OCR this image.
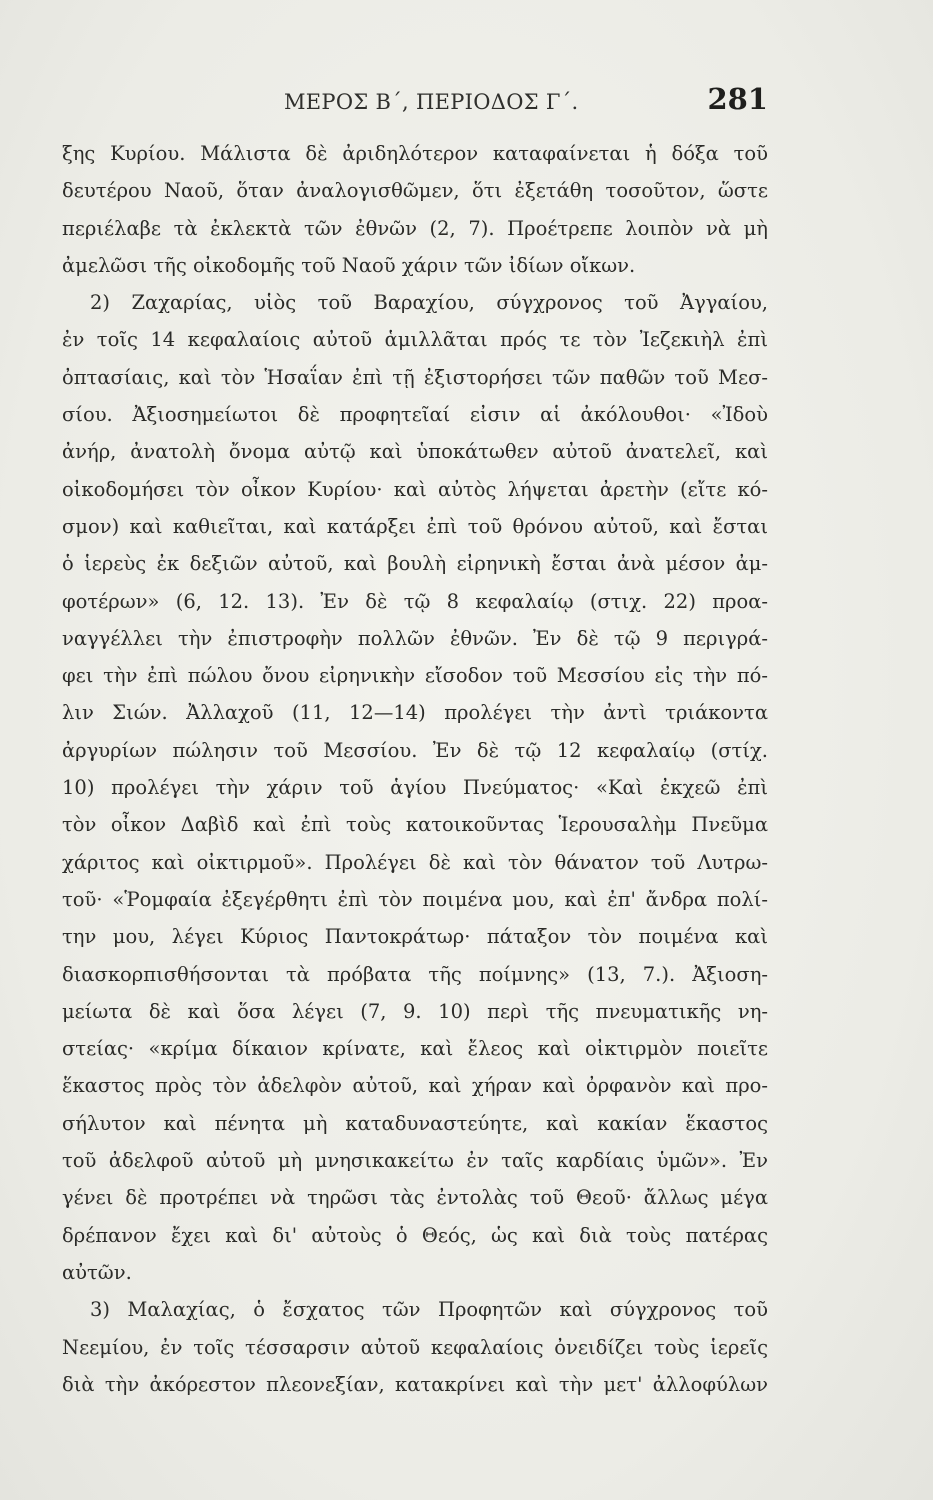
ΜΕΡΟΣ Β΄, ΠΕΡΙΟΔΟΣ Γ΄.	281
ξης Κυρίου. Μάλιστα δὲ ἀριδηλότερον καταφαίνεται ἡ δόξα τοῦ
δευτέρου Ναοῦ, ὅταν ἀναλογισθῶμεν, ὅτι ἐξετάθη τοσοῦτον, ὥστε
περιέλαβε τὰ ἐκλεκτὰ τῶν ἐθνῶν (2, 7). Προέτρεπε λοιπὸν νὰ μὴ
ἀμελῶσι τῆς οἰκοδομῆς τοῦ Ναοῦ χάριν τῶν ἰδίων οἴκων.
2) Ζαχαρίας, υἱὸς τοῦ Βαραχίου, σύγχρονος τοῦ Ἀγγαίου,
ἐν τοῖς 14 κεφαλαίοις αὐτοῦ ἁμιλλᾶται πρός τε τὸν Ἰεζεκιὴλ ἐπὶ
ὀπτασίαις, καὶ τὸν Ἡσαΐαν ἐπὶ τῇ ἐξιστορήσει τῶν παθῶν τοῦ Μεσ-
σίου. Ἀξιοσημείωτοι δὲ προφητεῖαί εἰσιν αἱ ἀκόλουθοι· «Ἰδοὺ
ἀνήρ, ἀνατολὴ ὄνομα αὐτῷ καὶ ὑποκάτωθεν αὐτοῦ ἀνατελεῖ, καὶ
οἰκοδομήσει τὸν οἶκον Κυρίου· καὶ αὐτὸς λήψεται ἀρετὴν (εἴτε κό-
σμον) καὶ καθιεῖται, καὶ κατάρξει ἐπὶ τοῦ θρόνου αὐτοῦ, καὶ ἔσται
ὁ ἱερεὺς ἐκ δεξιῶν αὐτοῦ, καὶ βουλὴ εἰρηνικὴ ἔσται ἀνὰ μέσον ἀμ-
φοτέρων» (6, 12. 13). Ἐν δὲ τῷ 8 κεφαλαίῳ (στιχ. 22) προα-
ναγγέλλει τὴν ἐπιστροφὴν πολλῶν ἐθνῶν. Ἐν δὲ τῷ 9 περιγρά-
φει τὴν ἐπὶ πώλου ὄνου εἰρηνικὴν εἴσοδον τοῦ Μεσσίου εἰς τὴν πό-
λιν Σιών. Ἀλλαχοῦ (11, 12—14) προλέγει τὴν ἀντὶ τριάκοντα
ἀργυρίων πώλησιν τοῦ Μεσσίου. Ἐν δὲ τῷ 12 κεφαλαίῳ (στίχ.
10) προλέγει τὴν χάριν τοῦ ἁγίου Πνεύματος· «Καὶ ἐκχεῶ ἐπὶ
τὸν οἶκον Δαβὶδ καὶ ἐπὶ τοὺς κατοικοῦντας Ἱερουσαλὴμ Πνεῦμα
χάριτος καὶ οἰκτιρμοῦ». Προλέγει δὲ καὶ τὸν θάνατον τοῦ Λυτρω-
τοῦ· «Ῥομφαία ἐξεγέρθητι ἐπὶ τὸν ποιμένα μου, καὶ ἐπ' ἄνδρα πολί-
την μου, λέγει Κύριος Παντοκράτωρ· πάταξον τὸν ποιμένα καὶ
διασκορπισθήσονται τὰ πρόβατα τῆς ποίμνης» (13, 7.). Ἀξιοση-
μείωτα δὲ καὶ ὅσα λέγει (7, 9. 10) περὶ τῆς πνευματικῆς νη-
στείας· «κρίμα δίκαιον κρίνατε, καὶ ἔλεος καὶ οἰκτιρμὸν ποιεῖτε
ἕκαστος πρὸς τὸν ἀδελφὸν αὐτοῦ, καὶ χήραν καὶ ὀρφανὸν καὶ προ-
σήλυτον καὶ πένητα μὴ καταδυναστεύητε, καὶ κακίαν ἕκαστος
τοῦ ἀδελφοῦ αὐτοῦ μὴ μνησικακείτω ἐν ταῖς καρδίαις ὑμῶν». Ἐν
γένει δὲ προτρέπει νὰ τηρῶσι τὰς ἐντολὰς τοῦ Θεοῦ· ἄλλως μέγα
δρέπανον ἔχει καὶ δι' αὐτοὺς ὁ Θεός, ὡς καὶ διὰ τοὺς πατέρας
αὐτῶν.
3) Μαλαχίας, ὁ ἔσχατος τῶν Προφητῶν καὶ σύγχρονος τοῦ
Νεεμίου, ἐν τοῖς τέσσαρσιν αὐτοῦ κεφαλαίοις ὀνειδίζει τοὺς ἱερεῖς
διὰ τὴν ἀκόρεστον πλεονεξίαν, κατακρίνει καὶ τὴν μετ' ἀλλοφύλων
